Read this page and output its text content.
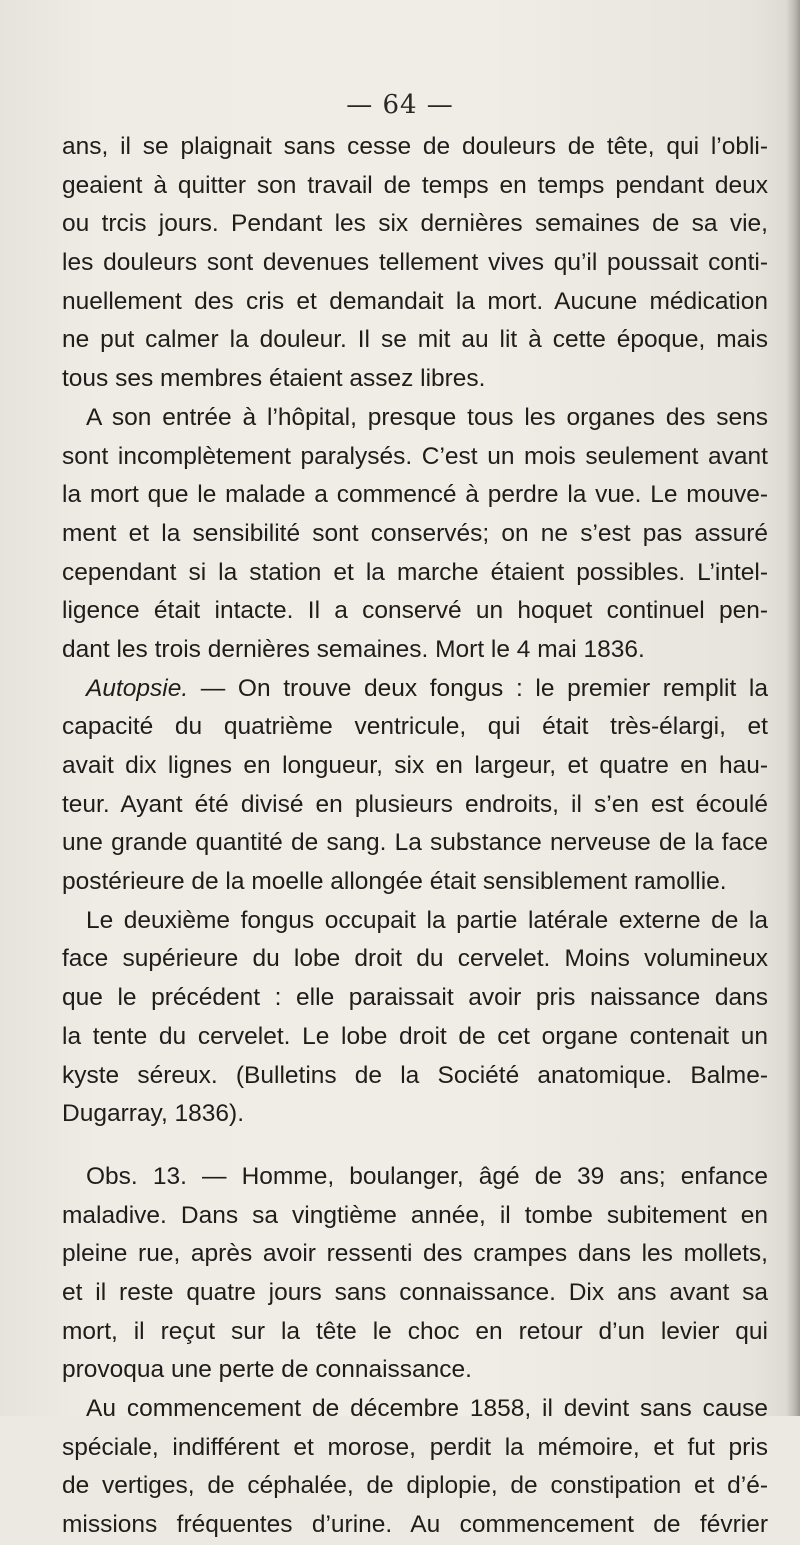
— 64 —
ans, il se plaignait sans cesse de douleurs de tête, qui l’obli-
geaient à quitter son travail de temps en temps pendant deux
ou trcis jours. Pendant les six dernières semaines de sa vie,
les douleurs sont devenues tellement vives qu’il poussait conti-
nuellement des cris et demandait la mort. Aucune médication
ne put calmer la douleur. Il se mit au lit à cette époque, mais
tous ses membres étaient assez libres.
A son entrée à l’hôpital, presque tous les organes des sens
sont incomplètement paralysés. C’est un mois seulement avant
la mort que le malade a commencé à perdre la vue. Le mouve-
ment et la sensibilité sont conservés; on ne s’est pas assuré
cependant si la station et la marche étaient possibles. L’intel-
ligence était intacte. Il a conservé un hoquet continuel pen-
dant les trois dernières semaines. Mort le 4 mai 1836.
Autopsie. — On trouve deux fongus : le premier remplit la
capacité du quatrième ventricule, qui était très-élargi, et
avait dix lignes en longueur, six en largeur, et quatre en hau-
teur. Ayant été divisé en plusieurs endroits, il s’en est écoulé
une grande quantité de sang. La substance nerveuse de la face
postérieure de la moelle allongée était sensiblement ramollie.
Le deuxième fongus occupait la partie latérale externe de la
face supérieure du lobe droit du cervelet. Moins volumineux
que le précédent : elle paraissait avoir pris naissance dans
la tente du cervelet. Le lobe droit de cet organe contenait un
kyste séreux. (Bulletins de la Société anatomique. Balme-
Dugarray, 1836).
Obs. 13. — Homme, boulanger, âgé de 39 ans; enfance
maladive. Dans sa vingtième année, il tombe subitement en
pleine rue, après avoir ressenti des crampes dans les mollets,
et il reste quatre jours sans connaissance. Dix ans avant sa
mort, il reçut sur la tête le choc en retour d’un levier qui
provoqua une perte de connaissance.
Au commencement de décembre 1858, il devint sans cause
spéciale, indifférent et morose, perdit la mémoire, et fut pris
de vertiges, de céphalée, de diplopie, de constipation et d’é-
missions fréquentes d’urine. Au commencement de février
